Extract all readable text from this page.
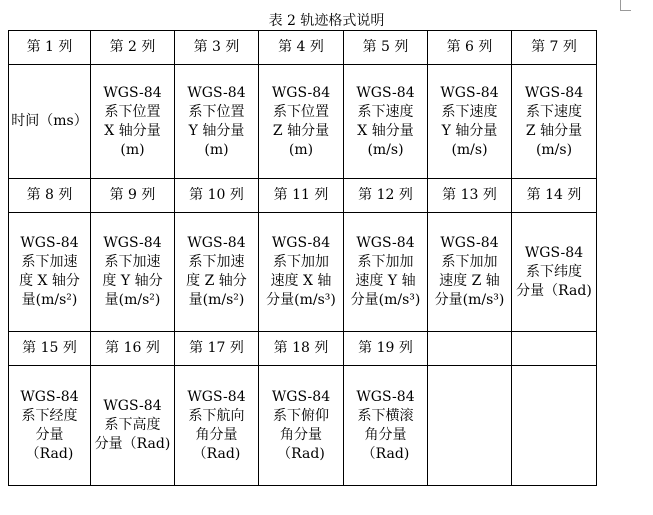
表 2 轨迹格式说明
第 1 列	第 2 列	第 3 列	第 4 列	第 5 列	第 6 列	第 7 列
时间（ms）	WGS-84
系下位置
X 轴分量
(m)	WGS-84
系下位置
Y 轴分量
(m)	WGS-84
系下位置
Z 轴分量
(m)	WGS-84
系下速度
X 轴分量
(m/s)	WGS-84
系下速度
Y 轴分量
(m/s)	WGS-84
系下速度
Z 轴分量
(m/s)
第 8 列	第 9 列	第 10 列	第 11 列	第 12 列	第 13 列	第 14 列
WGS-84
系下加速
度 X 轴分
量(m/s²)	WGS-84
系下加速
度 Y 轴分
量(m/s²)	WGS-84
系下加速
度 Z 轴分
量(m/s²)	WGS-84
系下加加
速度 X 轴
分量(m/s³)	WGS-84
系下加加
速度 Y 轴
分量(m/s³)	WGS-84
系下加加
速度 Z 轴
分量(m/s³)	WGS-84
系下纬度
分量（Rad)
第 15 列	第 16 列	第 17 列	第 18 列	第 19 列		
WGS-84
系下经度
分量
（Rad)	WGS-84
系下高度
分量（Rad)	WGS-84
系下航向
角分量
（Rad)	WGS-84
系下俯仰
角分量
（Rad)	WGS-84
系下横滚
角分量
（Rad)		
